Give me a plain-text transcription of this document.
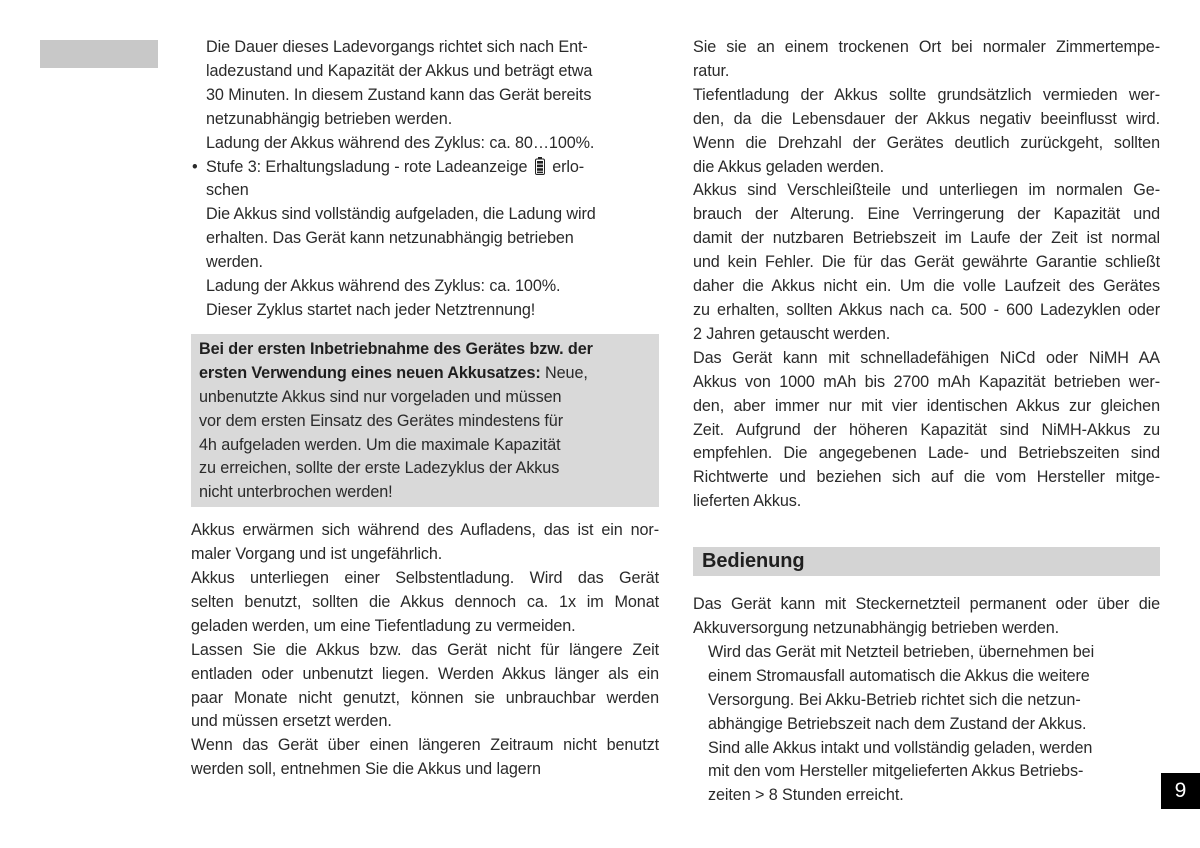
Die Dauer dieses Ladevorgangs richtet sich nach Ent-
ladezustand und Kapazität der Akkus und beträgt etwa
30 Minuten. In diesem Zustand kann das Gerät bereits
netzunabhängig betrieben werden.
Ladung der Akkus während des Zyklus: ca. 80…100%.
• Stufe 3: Erhaltungsladung - rote Ladeanzeige erlo-
schen
Die Akkus sind vollständig aufgeladen, die Ladung wird
erhalten. Das Gerät kann netzunabhängig betrieben
werden.
Ladung der Akkus während des Zyklus: ca. 100%.
Dieser Zyklus startet nach jeder Netztrennung!
Bei der ersten Inbetriebnahme des Gerätes bzw. der
ersten Verwendung eines neuen Akkusatzes: Neue,
unbenutzte Akkus sind nur vorgeladen und müssen
vor dem ersten Einsatz des Gerätes mindestens für
4h aufgeladen werden. Um die maximale Kapazität
zu erreichen, sollte der erste Ladezyklus der Akkus
nicht unterbrochen werden!
Akkus erwärmen sich während des Aufladens, das ist ein nor-
maler Vorgang und ist ungefährlich.
Akkus unterliegen einer Selbstentladung. Wird das Gerät
selten benutzt, sollten die Akkus dennoch ca. 1x im Monat
geladen werden, um eine Tiefentladung zu vermeiden.
Lassen Sie die Akkus bzw. das Gerät nicht für längere Zeit
entladen oder unbenutzt liegen. Werden Akkus länger als ein
paar Monate nicht genutzt, können sie unbrauchbar werden
und müssen ersetzt werden.
Wenn das Gerät über einen längeren Zeitraum nicht benutzt
werden soll, entnehmen Sie die Akkus und lagern
Sie sie an einem trockenen Ort bei normaler Zimmertempe-
ratur.
Tiefentladung der Akkus sollte grundsätzlich vermieden wer-
den, da die Lebensdauer der Akkus negativ beeinflusst wird.
Wenn die Drehzahl der Gerätes deutlich zurückgeht, sollten
die Akkus geladen werden.
Akkus sind Verschleißteile und unterliegen im normalen Ge-
brauch der Alterung. Eine Verringerung der Kapazität und
damit der nutzbaren Betriebszeit im Laufe der Zeit ist normal
und kein Fehler. Die für das Gerät gewährte Garantie schließt
daher die Akkus nicht ein. Um die volle Laufzeit des Gerätes
zu erhalten, sollten Akkus nach ca. 500 - 600 Ladezyklen oder
2 Jahren getauscht werden.
Das Gerät kann mit schnelladefähigen NiCd oder NiMH AA
Akkus von 1000 mAh bis 2700 mAh Kapazität betrieben wer-
den, aber immer nur mit vier identischen Akkus zur gleichen
Zeit. Aufgrund der höheren Kapazität sind NiMH-Akkus zu
empfehlen. Die angegebenen Lade- und Betriebszeiten sind
Richtwerte und beziehen sich auf die vom Hersteller mitge-
lieferten Akkus.
Bedienung
Das Gerät kann mit Steckernetzteil permanent oder über die
Akkuversorgung netzunabhängig betrieben werden.
Wird das Gerät mit Netzteil betrieben, übernehmen bei
einem Stromausfall automatisch die Akkus die weitere
Versorgung. Bei Akku-Betrieb richtet sich die netzun-
abhängige Betriebszeit nach dem Zustand der Akkus.
Sind alle Akkus intakt und vollständig geladen, werden
mit den vom Hersteller mitgelieferten Akkus Betriebs-
zeiten > 8 Stunden erreicht.	9
